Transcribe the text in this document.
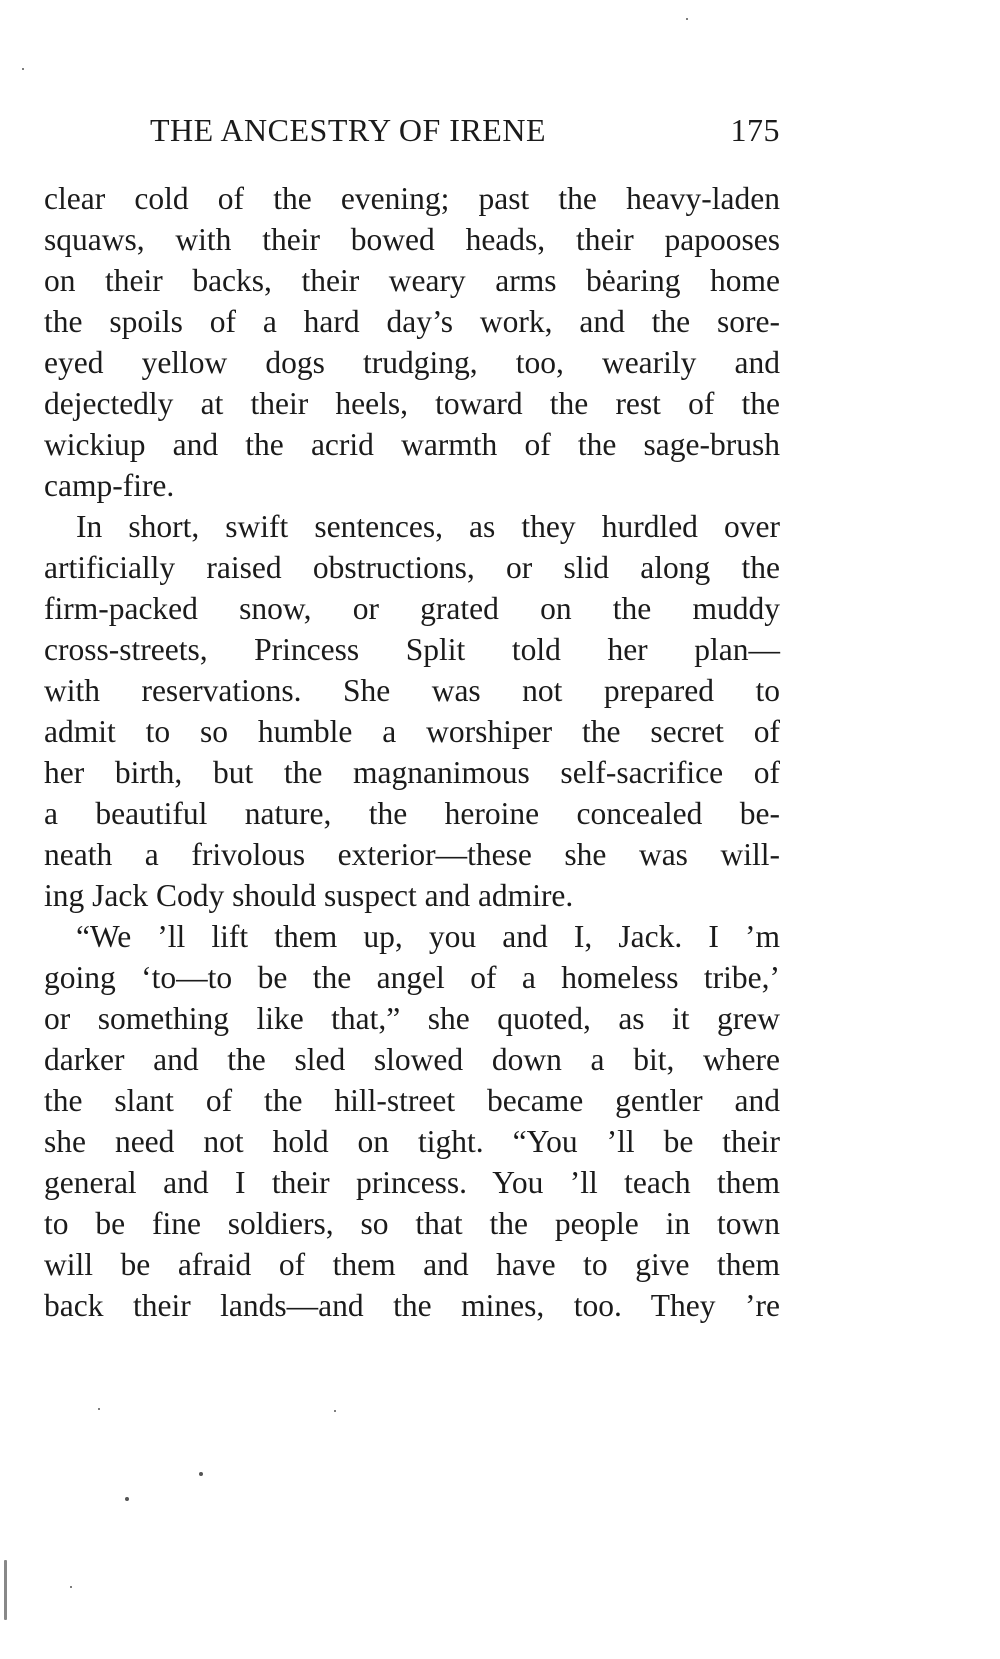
THE ANCESTRY OF IRENE	175
clear cold of the evening; past the heavy-laden
squaws, with their bowed heads, their papooses
on their backs, their weary arms bėaring home
the spoils of a hard day’s work, and the sore-
eyed yellow dogs trudging, too, wearily and
dejectedly at their heels, toward the rest of the
wickiup and the acrid warmth of the sage-brush
camp-fire.
In short, swift sentences, as they hurdled over
artificially raised obstructions, or slid along the
firm-packed snow, or grated on the muddy
cross-streets, Princess Split told her plan—
with reservations. She was not prepared to
admit to so humble a worshiper the secret of
her birth, but the magnanimous self-sacrifice of
a beautiful nature, the heroine concealed be-
neath a frivolous exterior—these she was will-
ing Jack Cody should suspect and admire.
“We ’ll lift them up, you and I, Jack. I ’m
going ‘to—to be the angel of a homeless tribe,’
or something like that,” she quoted, as it grew
darker and the sled slowed down a bit, where
the slant of the hill-street became gentler and
she need not hold on tight. “You ’ll be their
general and I their princess. You ’ll teach them
to be fine soldiers, so that the people in town
will be afraid of them and have to give them
back their lands—and the mines, too. They ’re
